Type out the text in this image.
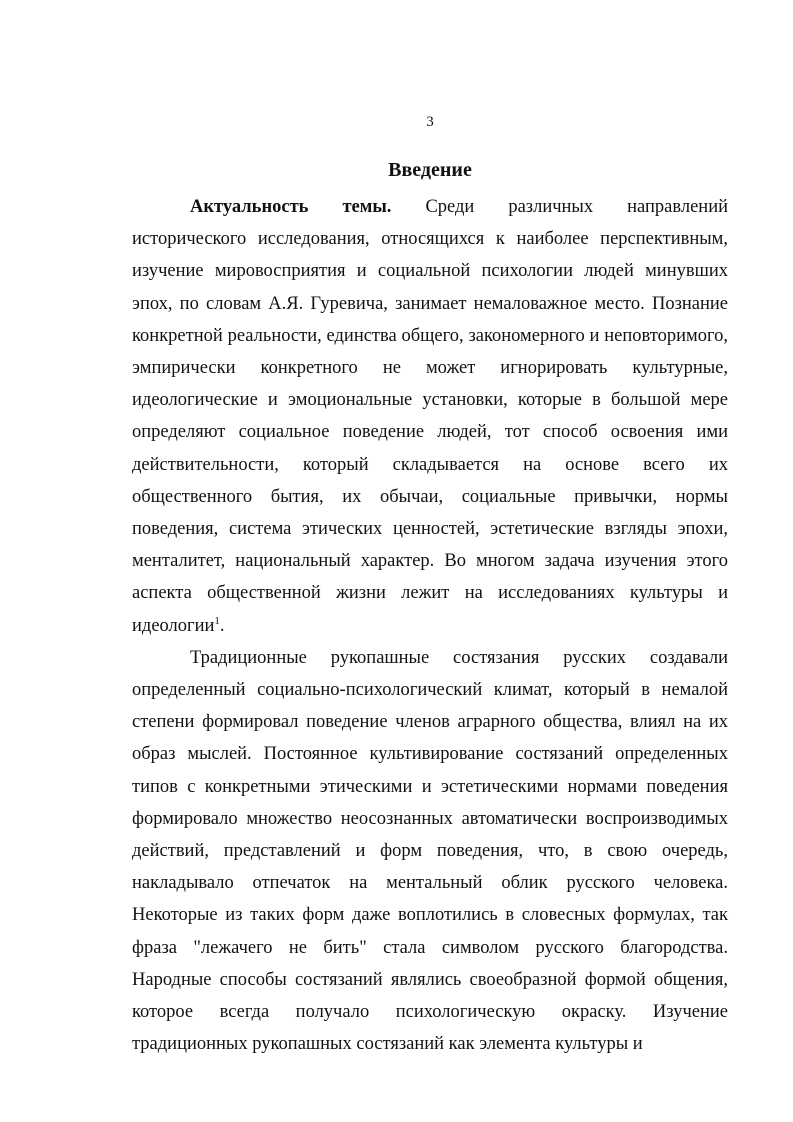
3
Введение

Актуальность темы. Среди различных направлений исторического исследования, относящихся к наиболее перспективным, изучение мировосприятия и социальной психологии людей минувших эпох, по словам А.Я. Гуревича, занимает немаловажное место. Познание конкретной реальности, единства общего, закономерного и неповторимого, эмпирически конкретного не может игнорировать культурные, идеологические и эмоциональные установки, которые в большой мере определяют социальное поведение людей, тот способ освоения ими действительности, который складывается на основе всего их общественного бытия, их обычаи, социальные привычки, нормы поведения, система этических ценностей, эстетические взгляды эпохи, менталитет, национальный характер. Во многом задача изучения этого аспекта общественной жизни лежит на исследованиях культуры и идеологии$^1$.

Традиционные рукопашные состязания русских создавали определенный социально-психологический климат, который в немалой степени формировал поведение членов аграрного общества, влиял на их образ мыслей. Постоянное культивирование состязаний определенных типов с конкретными этическими и эстетическими нормами поведения формировало множество неосознанных автоматически воспроизводимых действий, представлений и форм поведения, что, в свою очередь, накладывало отпечаток на ментальный облик русского человека. Некоторые из таких форм даже воплотились в словесных формулах, так фраза "лежачего не бить" стала символом русского благородства. Народные способы состязаний являлись своеобразной формой общения, которое всегда получало психологическую окраску. Изучение традиционных рукопашных состязаний как элемента культуры и
